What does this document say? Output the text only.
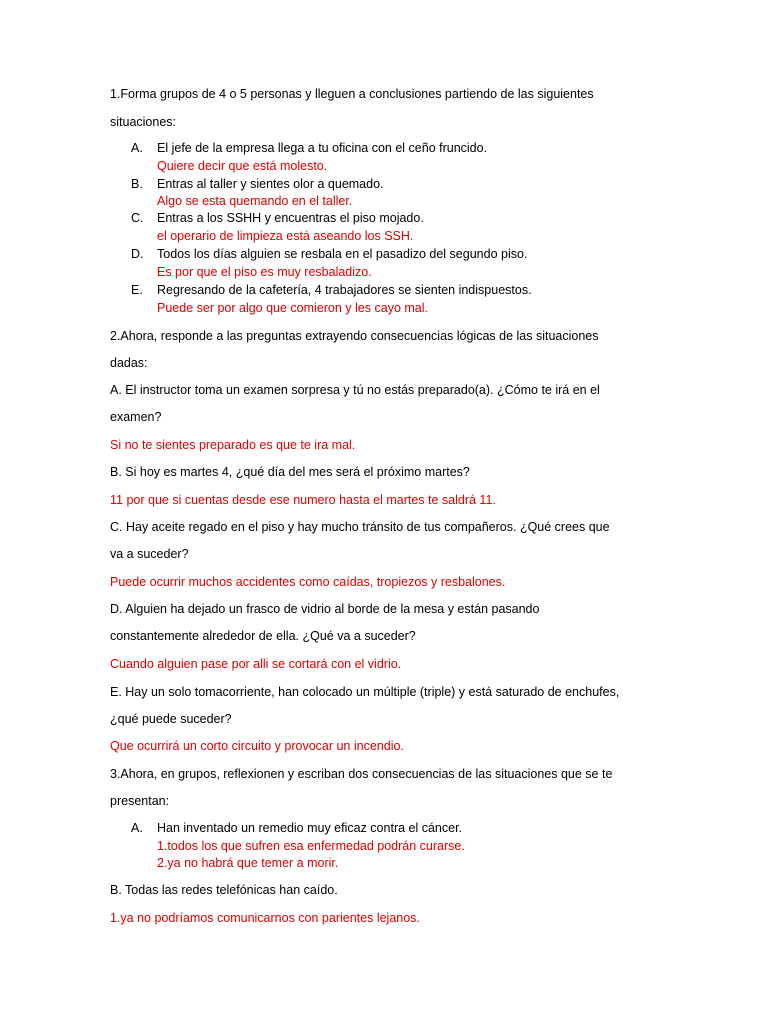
1.Forma grupos de 4 o 5 personas y lleguen a conclusiones partiendo de las siguientes
situaciones:
A.	El jefe de la empresa llega a tu oficina con el ceño fruncido.
Quiere decir que está molesto.
B.	Entras al taller y sientes olor a quemado.
Algo se esta quemando en el taller.
C.	Entras a los SSHH y encuentras el piso mojado.
el operario de limpieza está aseando los SSH.
D.	Todos los días alguien se resbala en el pasadizo del segundo piso.
Es por que el piso es muy resbaladizo.
E.	Regresando de la cafetería, 4 trabajadores se sienten indispuestos.
Puede ser por algo que comieron y les cayo mal.
2.Ahora, responde a las preguntas extrayendo consecuencias lógicas de las situaciones
dadas:
A. El instructor toma un examen sorpresa y tú no estás preparado(a). ¿Cómo te irá en el
examen?
Si no te sientes preparado es que te ira mal.
B. Si hoy es martes 4, ¿qué día del mes será el próximo martes?
11 por que si cuentas desde ese numero hasta el martes te saldrá 11.
C. Hay aceite regado en el piso y hay mucho tránsito de tus compañeros. ¿Qué crees que
va a suceder?
Puede ocurrir muchos accidentes como caídas, tropiezos y resbalones.
D. Alguien ha dejado un frasco de vidrio al borde de la mesa y están pasando
constantemente alrededor de ella. ¿Qué va a suceder?
Cuando alguien pase por alli se cortará con el vidrio.
E. Hay un solo tomacorriente, han colocado un múltiple (triple) y está saturado de enchufes,
¿qué puede suceder?
Que ocurrirá un corto circuito y provocar un incendio.
3.Ahora, en grupos, reflexionen y escriban dos consecuencias de las situaciones que se te
presentan:
A.	Han inventado un remedio muy eficaz contra el cáncer.
1.todos los que sufren esa enfermedad podrán curarse.
2.ya no habrá que temer a morir.
B. Todas las redes telefónicas han caído.
1.ya no podríamos comunicarnos con parientes lejanos.
